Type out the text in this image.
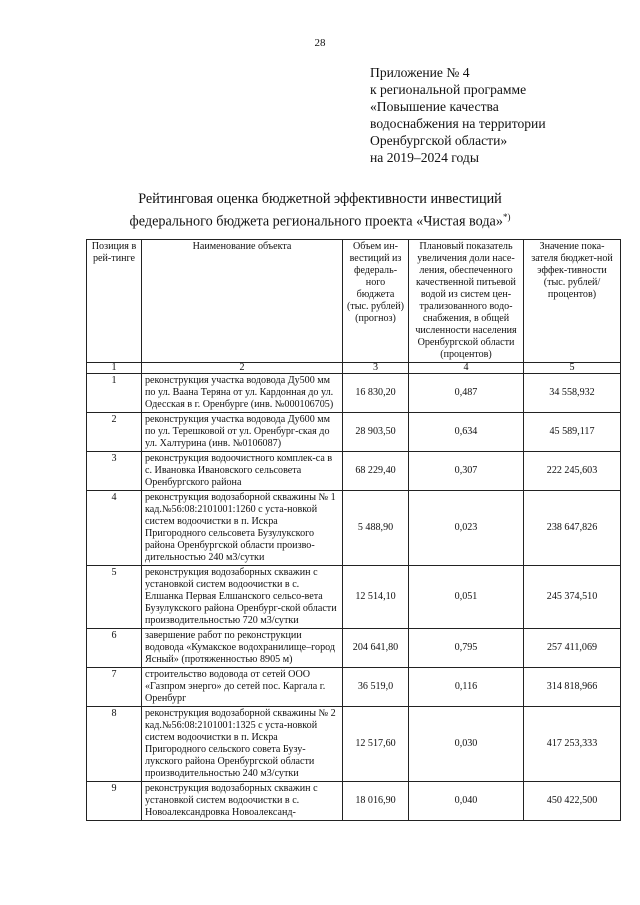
28
Приложение № 4
к региональной программе
«Повышение качества
водоснабжения на территории
Оренбургской области»
на 2019–2024 годы
Рейтинговая оценка бюджетной эффективности инвестиций
федерального бюджета регионального проекта «Чистая вода»*)
Позиция в рей-тинге	Наименование объекта	Объем ин-вестиций из федераль-ного бюджета (тыс. рублей) (прогноз)	Плановый показатель увеличения доли насе-ления, обеспеченного качественной питьевой водой из систем цен-трализованного водо-снабжения, в общей численности населения Оренбургской области (процентов)	Значение пока-зателя бюджет-ной эффек-тивности (тыс. рублей/ процентов)
1	2	3	4	5
1	реконструкция участка водовода Ду500 мм по ул. Ваана Теряна от ул. Кардонная до ул. Одесская в г. Оренбурге (инв. №000106705)	16 830,20	0,487	34 558,932
2	реконструкция участка водовода Ду600 мм по ул. Терешковой от ул. Оренбург-ская до ул. Халтурина (инв. №0106087)	28 903,50	0,634	45 589,117
3	реконструкция водоочистного комплек-са в с. Ивановка Ивановского сельсовета Оренбургского района	68 229,40	0,307	222 245,603
4	реконструкция водозаборной скважины № 1 кад.№56:08:2101001:1260 с уста-новкой систем водоочистки в п. Искра Пригородного сельсовета Бузулукского района Оренбургской области произво-дительностью 240 м3/сутки	5 488,90	0,023	238 647,826
5	реконструкция водозаборных скважин с установкой систем водоочистки в с. Елшанка Первая Елшанского сельсо-вета Бузулукского района Оренбург-ской области производительностью 720 м3/сутки	12 514,10	0,051	245 374,510
6	завершение работ по реконструкции водовода «Кумакское водохранилище–город Ясный» (протяженностью 8905 м)	204 641,80	0,795	257 411,069
7	строительство водовода от сетей ООО «Газпром энерго» до сетей пос. Каргала г. Оренбург	36 519,0	0,116	314 818,966
8	реконструкция водозаборной скважины № 2 кад.№56:08:2101001:1325 с уста-новкой систем водоочистки в п. Искра Пригородного сельского совета Бузу-лукского района Оренбургской области производительностью 240 м3/сутки	12 517,60	0,030	417 253,333
9	реконструкция водозаборных скважин с установкой систем водоочистки в с. Новоалександровка Новоалександ-	18 016,90	0,040	450 422,500
